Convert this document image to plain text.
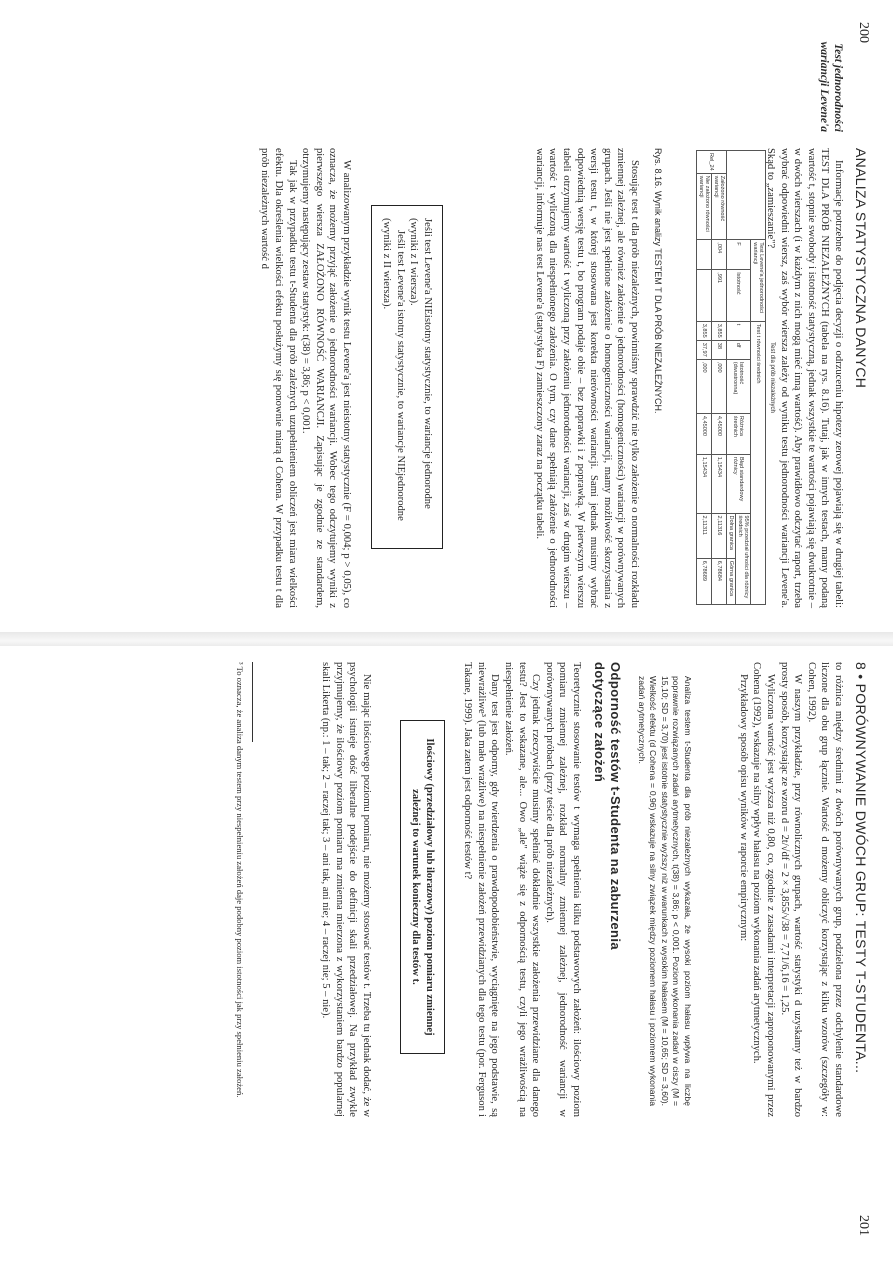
200
ANALIZA STATYSTYCZNA DANYCH
Test jednorodności
wariancji Levene'a

Informacje potrzebne do podjęcia decyzji o odrzuceniu hipotezy zerowej pojawiają się w drugiej tabeli: TEST DLA PRÓB NIEZALEŻNYCH (tabela na rys. 8.16). Tutaj, jak w innych testach, mamy podaną wartość t, stopnie swobody i istotność statystyczną, jednak wszystkie te wartości pojawiają się dwukrotnie – w dwóch wierszach (i w każdym z nich mogą mieć inną wartość). Aby prawidłowo odczytać raport, trzeba wybrać odpowiedni wiersz, zaś wybór wiersza zależy od wyniku testu jednorodności wariancji Levene'a. Skąd to „zamieszanie"?

Test dla prób niezależnych
		Test Levene'a jednorodności wariancji		Test t równości średnich						
		F	Istotność	t	df	Istotność (dwustronna)	Różnica średnich	Błąd standardowy różnicy	95% przedział ufności dla różnicy średnich	
									Dolna granica	Górna granica
Rel_24	Założono równość wariancji	,004	,991	3,855	38	,000	4,45000	1,15434	2,11316	6,78684
	Nie założono równości wariancji			3,855	37,97	,000	4,45000	1,15434	2,11311	6,78689
Rys. 8.16. Wynik analizy TESTEM T DLA PRÓB NIEZALEŻNYCH.

Stosując test t dla prób niezależnych, powinniśmy sprawdzić nie tylko założenie o normalności rozkładu zmiennej zależnej, ale również założenie o jednorodności (homogeniczności) wariancji w porównywanych grupach. Jeśli nie jest spełnione założenie o homogeniczności wariancji, mamy możliwość skorzystania z wersji testu t, w której stosowana jest korekta nierówności wariancji. Sami jednak musimy wybrać odpowiednią wersję testu t, bo program podaje obie – bez poprawki i z poprawką. W pierwszym wierszu tabeli otrzymujemy wartość t wyliczoną przy założeniu jednorodności wariancji, zaś w drugim wierszu – wartość t wyliczoną dla niespełnionego założenia. O tym, czy dane spełniają założenie o jednorodności wariancji, informuje nas test Levene'a (statystyka F) zamieszczony zaraz na początku tabeli.

Jeśli test Levene'a NIEistotny statystycznie, to wariancje jednorodne (wyniki z I wiersza).

Jeśli test Levene'a istotny statystycznie, to wariancje NIEjednorodne (wyniki z II wiersza).

W analizowanym przykładzie wynik testu Levene'a jest nieistotny statystycznie (F = 0,004; p > 0,05), co oznacza, że możemy przyjąć założenie o jednorodności wariancji. Wobec tego odczytujemy wyniki z pierwszego wiersza ZAŁOŻONO RÓWNOŚĆ WARIANCJI. Zapisując je zgodnie ze standardem, otrzymujemy następujący zestaw statystyk: t(38) = 3,86; p < 0,001.

Tak jak w przypadku testu t-Studenta dla prób zależnych uzupełnieniem obliczeń jest miara wielkości efektu. Dla określenia wielkości efektu posłużymy się ponownie miarą d Cohena. W przypadku testu t dla prób niezależnych wartość d

8 • PORÓWNYWANIE DWÓCH GRUP: TESTY T-STUDENTA...
201

to różnica między średnimi z dwóch porównywanych grup, podzielona przez odchylenie standardowe liczone dla obu grup łącznie. Wartość d możemy obliczyć korzystając z kilku wzorów (szczegóły w: Cohen, 1992).

W naszym przykładzie, przy równolicznych grupach, wartość statystyki d uzyskamy też w bardzo prosty sposób, korzystając ze wzoru d = 2t/√df = 2 × 3,855/√38 = 7,71/6,16 = 1,25.

Wyliczona wartość jest wyższa niż 0,80, co, zgodnie z zasadami interpretacji zaproponowanymi przez Cohena (1992), wskazuje na silny wpływ hałasu na poziom wykonania zadań arytmetycznych.

Przykładowy sposób opisu wyników w raporcie empirycznym:

Analiza testem t-Studenta dla prób niezależnych wykazała, że wysoki poziom hałasu wpływa na liczbę poprawnie rozwiązanych zadań arytmetycznych, t(38) = 3,86; p < 0,001. Poziom wykonania zadań w ciszy (M = 15,10; SD = 3,70) jest istotnie statystycznie wyższy niż w warunkach z wysokim hałasem (M = 10,65; SD = 3,60). Wielkość efektu (d Cohena = 0,96) wskazuje na silny związek między poziomem hałasu i poziomem wykonania zadań arytmetycznych.
Odporność testów t-Studenta na zaburzenia
dotyczące założeń

Teoretycznie stosowanie testów t wymaga spełnienia kilku podstawowych założeń: ilościowy poziom pomiaru zmiennej zależnej, rozkład normalny zmiennej zależnej, jednorodność wariancji w porównywanych próbach (przy teście dla prób niezależnych).

Czy jednak rzeczywiście musimy spełniać dokładnie wszystkie założenia przewidziane dla danego testu? Jest to wskazane, ale... Owo „ale" wiąże się z odpornością testu, czyli jego wrażliwością na niespełnienie założeń.

Dany test jest odporny, gdy twierdzenia o prawdopodobieństwie, wyciągnięte na jego podstawie, są niewrażliwe³ (lub mało wrażliwe) na niespełnienie założeń przewidzianych dla tego testu (por. Ferguson i Takane, 1999). Jaka zatem jest odporność testów t?

Ilościowy (przedziałowy lub ilorazowy) poziom pomiaru zmiennej zależnej to warunek konieczny dla testów t.

Nie mając ilościowego poziomu pomiaru, nie możemy stosować testów t. Trzeba tu jednak dodać, że w psychologii istnieje dość liberalne podejście do definicji skali przedziałowej. Na przykład zwykle przyjmujemy, że ilościowy poziom pomiaru ma zmienna mierzona z wykorzystaniem bardzo popularnej skali Likerta (np.: 1 – tak; 2 – raczej tak; 3 – ani tak, ani nie; 4 – raczej nie; 5 – nie).

³ To oznacza, że analiza danym testem przy niespełnieniu założeń daje podobny poziom istotności jak przy spełnieniu założeń.
